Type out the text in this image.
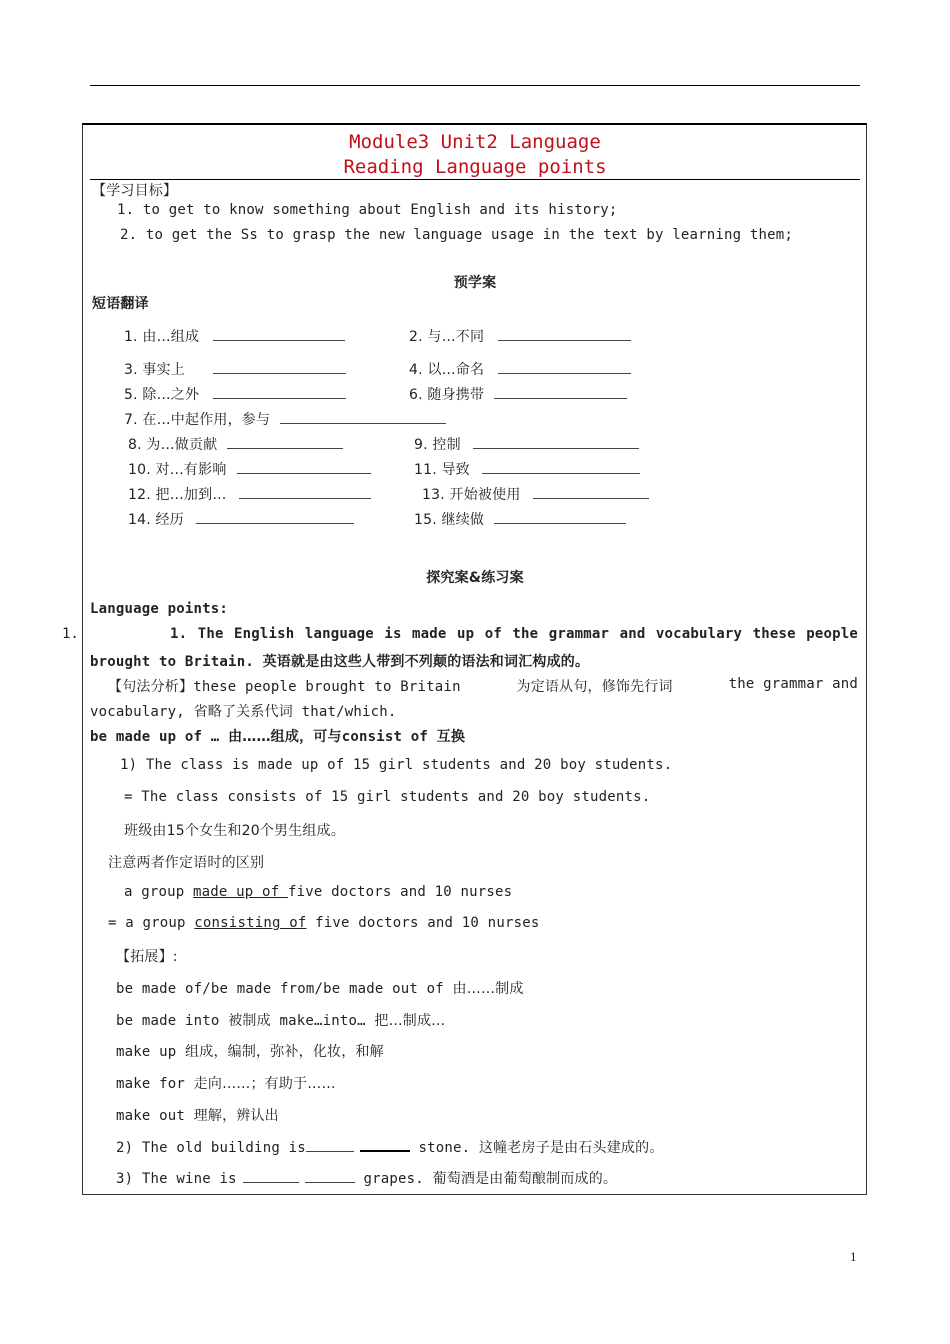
Module3 Unit2 Language
Reading Language points
【学习目标】
1. to get to know something about English and its history;
2. to get the Ss to grasp the new language usage in the text by learning them;
预学案
短语翻译
1. 由…组成	2. 与…不同
3. 事实上	4. 以…命名
5. 除…之外	6. 随身携带
7. 在…中起作用，参与
8. 为…做贡献	9. 控制
10. 对…有影响	11. 导致
12. 把…加到…	13. 开始被使用
14. 经历	15. 继续做
探究案&练习案
Language points:
1.	1. The English language is made up of the grammar and vocabulary these people
brought to Britain. 英语就是由这些人带到不列颠的语法和词汇构成的。
【句法分析】these people brought to Britain	为定语从句，修饰先行词	the grammar and
vocabulary, 省略了关系代词 that/which.
be made up of … 由……组成，可与consist of 互换
1) The class is made up of 15 girl students and 20 boy students.
= The class consists of 15 girl students and 20 boy students.
班级由15个女生和20个男生组成。
注意两者作定语时的区别
a group made up of five doctors and 10 nurses
= a group consisting of five doctors and 10 nurses
【拓展】:
be made of/be made from/be made out of 由……制成
be made into 被制成 make…into… 把…制成…
make up 组成，编制，弥补，化妆，和解
make for 走向……；有助于……
make out 理解，辨认出
2) The old building is	stone. 这幢老房子是由石头建成的。
3) The wine is	grapes. 葡萄酒是由葡萄酿制而成的。
1
